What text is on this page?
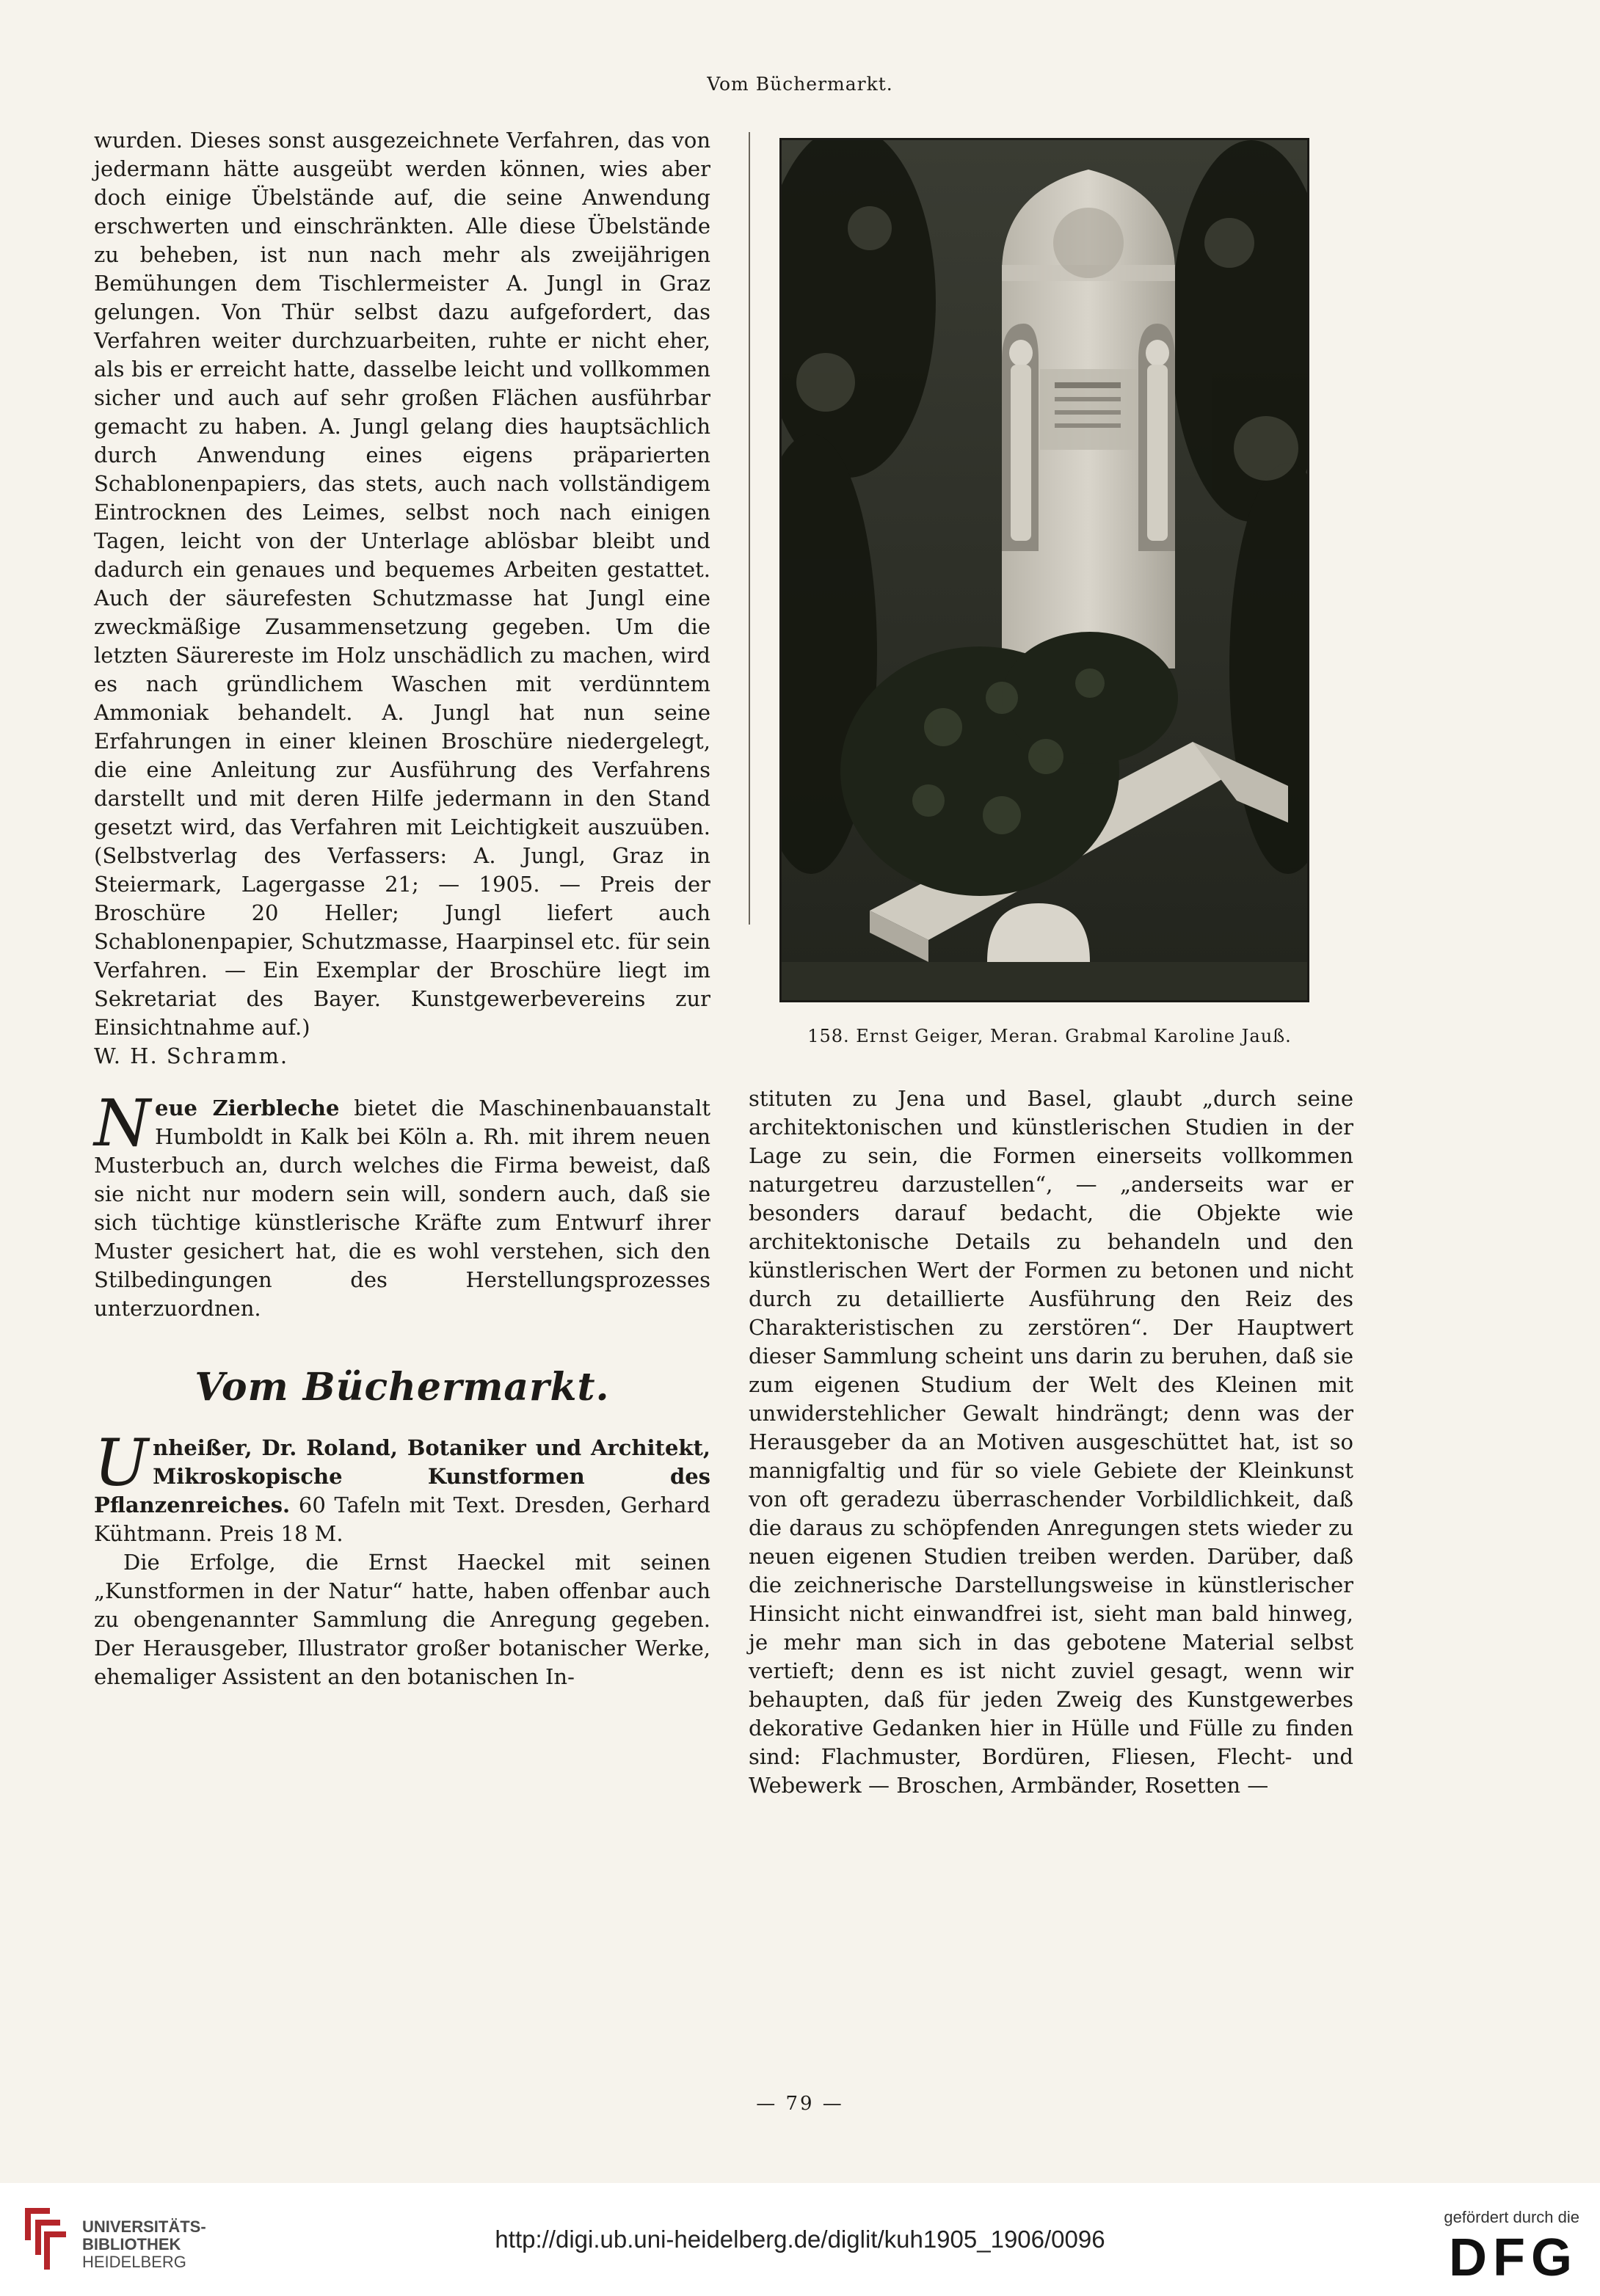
Vom Büchermarkt.

wurden. Dieses sonst ausgezeichnete Verfahren, das von jedermann hätte ausgeübt werden können, wies aber doch einige Übelstände auf, die seine Anwendung erschwerten und einschränkten. Alle diese Übelstände zu beheben, ist nun nach mehr als zweijährigen Bemühungen dem Tischlermeister A. Jungl in Graz gelungen. Von Thür selbst dazu aufgefordert, das Verfahren weiter durchzuarbeiten, ruhte er nicht eher, als bis er erreicht hatte, dasselbe leicht und vollkommen sicher und auch auf sehr großen Flächen ausführbar gemacht zu haben. A. Jungl gelang dies hauptsächlich durch Anwendung eines eigens präparierten Schablonenpapiers, das stets, auch nach vollständigem Eintrocknen des Leimes, selbst noch nach einigen Tagen, leicht von der Unterlage ablösbar bleibt und dadurch ein genaues und bequemes Arbeiten gestattet. Auch der säurefesten Schutzmasse hat Jungl eine zweckmäßige Zusammensetzung gegeben. Um die letzten Säurereste im Holz unschädlich zu machen, wird es nach gründlichem Waschen mit verdünntem Ammoniak behandelt. A. Jungl hat nun seine Erfahrungen in einer kleinen Broschüre niedergelegt, die eine Anleitung zur Ausführung des Verfahrens darstellt und mit deren Hilfe jedermann in den Stand gesetzt wird, das Verfahren mit Leichtigkeit auszuüben. (Selbstverlag des Verfassers: A. Jungl, Graz in Steiermark, Lagergasse 21; — 1905. — Preis der Broschüre 20 Heller; Jungl liefert auch Schablonenpapier, Schutzmasse, Haarpinsel etc. für sein Verfahren. — Ein Exemplar der Broschüre liegt im Sekretariat des Bayer. Kunstgewerbevereins zur Einsichtnahme auf.)

W. H. Schramm.

Neue Zierbleche bietet die Maschinenbauanstalt Humboldt in Kalk bei Köln a. Rh. mit ihrem neuen Musterbuch an, durch welches die Firma beweist, daß sie nicht nur modern sein will, sondern auch, daß sie sich tüchtige künstlerische Kräfte zum Entwurf ihrer Muster gesichert hat, die es wohl verstehen, sich den Stilbedingungen des Herstellungsprozesses unterzuordnen.

Vom Büchermarkt.

Unheißer, Dr. Roland, Botaniker und Architekt, Mikroskopische Kunstformen des Pflanzenreiches. 60 Tafeln mit Text. Dresden, Gerhard Kühtmann. Preis 18 M.

Die Erfolge, die Ernst Haeckel mit seinen „Kunstformen in der Natur“ hatte, haben offenbar auch zu obengenannter Sammlung die Anregung gegeben. Der Herausgeber, Illustrator großer botanischer Werke, ehemaliger Assistent an den botanischen In-

158. Ernst Geiger, Meran. Grabmal Karoline Jauß.

stituten zu Jena und Basel, glaubt „durch seine architektonischen und künstlerischen Studien in der Lage zu sein, die Formen einerseits vollkommen naturgetreu darzustellen“, — „anderseits war er besonders darauf bedacht, die Objekte wie architektonische Details zu behandeln und den künstlerischen Wert der Formen zu betonen und nicht durch zu detaillierte Ausführung den Reiz des Charakteristischen zu zerstören“. Der Hauptwert dieser Sammlung scheint uns darin zu beruhen, daß sie zum eigenen Studium der Welt des Kleinen mit unwiderstehlicher Gewalt hindrängt; denn was der Herausgeber da an Motiven ausgeschüttet hat, ist so mannigfaltig und für so viele Gebiete der Kleinkunst von oft geradezu überraschender Vorbildlichkeit, daß die daraus zu schöpfenden Anregungen stets wieder zu neuen eigenen Studien treiben werden. Darüber, daß die zeichnerische Darstellungsweise in künstlerischer Hinsicht nicht einwandfrei ist, sieht man bald hinweg, je mehr man sich in das gebotene Material selbst vertieft; denn es ist nicht zuviel gesagt, wenn wir behaupten, daß für jeden Zweig des Kunstgewerbes dekorative Gedanken hier in Hülle und Fülle zu finden sind: Flachmuster, Bordüren, Fliesen, Flecht- und Webewerk — Broschen, Armbänder, Rosetten —

— 79 —
UNIVERSITÄTS-
BIBLIOTHEK
HEIDELBERG
http://digi.ub.uni-heidelberg.de/diglit/kuh1905_1906/0096
gefördert durch die
DFG
